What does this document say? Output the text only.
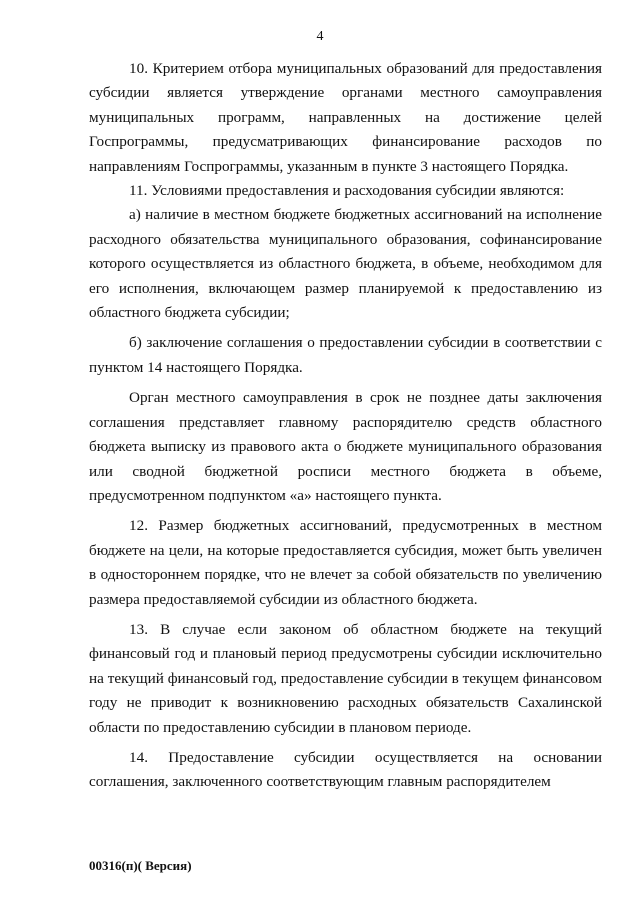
4

10. Критерием отбора муниципальных образований для предоставления субсидии является утверждение органами местного самоуправления муниципальных программ, направленных на достижение целей Госпрограммы, предусматривающих финансирование расходов по направлениям Госпрограммы, указанным в пункте 3 настоящего Порядка.

11. Условиями предоставления и расходования субсидии являются:

а) наличие в местном бюджете бюджетных ассигнований на исполнение расходного обязательства муниципального образования, софинансирование которого осуществляется из областного бюджета, в объеме, необходимом для его исполнения, включающем размер планируемой к предоставлению из областного бюджета субсидии;

б) заключение соглашения о предоставлении субсидии в соответствии с пунктом 14 настоящего Порядка.

Орган местного самоуправления в срок не позднее даты заключения соглашения представляет главному распорядителю средств областного бюджета выписку из правового акта о бюджете муниципального образования или сводной бюджетной росписи местного бюджета в объеме, предусмотренном подпунктом «а» настоящего пункта.

12. Размер бюджетных ассигнований, предусмотренных в местном бюджете на цели, на которые предоставляется субсидия, может быть увеличен в одностороннем порядке, что не влечет за собой обязательств по увеличению размера предоставляемой субсидии из областного бюджета.

13. В случае если законом об областном бюджете на текущий финансовый год и плановый период предусмотрены субсидии исключительно на текущий финансовый год, предоставление субсидии в текущем финансовом году не приводит к возникновению расходных обязательств Сахалинской области по предоставлению субсидии в плановом периоде.

14. Предоставление субсидии осуществляется на основании соглашения, заключенного соответствующим главным распорядителем

00316(п)( Версия)
